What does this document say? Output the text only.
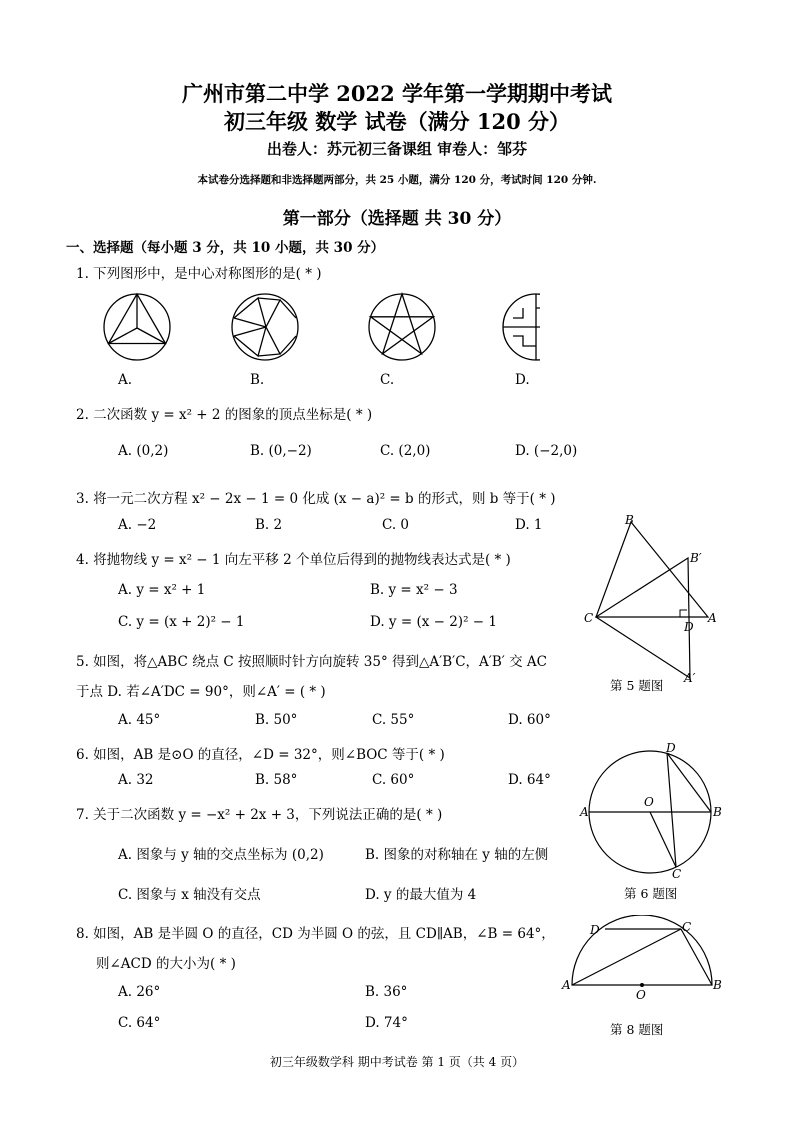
广州市第二中学 2022 学年第一学期期中考试
初三年级 数学 试卷（满分 120 分）
出卷人：苏元初三备课组 审卷人：邹芬
本试卷分选择题和非选择题两部分，共 25 小题，满分 120 分，考试时间 120 分钟.
第一部分（选择题 共 30 分）
一、选择题（每小题 3 分，共 10 小题，共 30 分）
1. 下列图形中，是中心对称图形的是( * )
A.	B.	C.	D.
2. 二次函数 y = x² + 2 的图象的顶点坐标是( * )
A. (0,2)	B. (0,−2)	C. (2,0)	D. (−2,0)
3. 将一元二次方程 x² − 2x − 1 = 0 化成 (x − a)² = b 的形式，则 b 等于( * )
A. −2	B. 2	C. 0	D. 1
4. 将抛物线 y = x² − 1 向左平移 2 个单位后得到的抛物线表达式是( * )
A. y = x² + 1	B. y = x² − 3
C. y = (x + 2)² − 1	D. y = (x − 2)² − 1
B
B′
C
D
A
A′
5. 如图，将△ABC 绕点 C 按照顺时针方向旋转 35° 得到△A′B′C，A′B′ 交 AC
于点 D. 若∠A′DC = 90°，则∠A′ = ( * )	第 5 题图
A. 45°	B. 50°	C. 55°	D. 60°
6. 如图，AB 是⊙O 的直径，∠D = 32°，则∠BOC 等于( * )
A. 32	B. 58°	C. 60°	D. 64°
D
A
O
B
C
第 6 题图
7. 关于二次函数 y = −x² + 2x + 3，下列说法正确的是( * )
A. 图象与 y 轴的交点坐标为 (0,2)	B. 图象的对称轴在 y 轴的左侧
C. 图象与 x 轴没有交点	D. y 的最大值为 4
8. 如图，AB 是半圆 O 的直径，CD 为半圆 O 的弦，且 CD∥AB，∠B = 64°，
则∠ACD 的大小为( * )
A. 26°	B. 36°
C. 64°	D. 74°
D	C
A
O
B
第 8 题图
初三年级数学科 期中考试卷 第 1 页（共 4 页）
